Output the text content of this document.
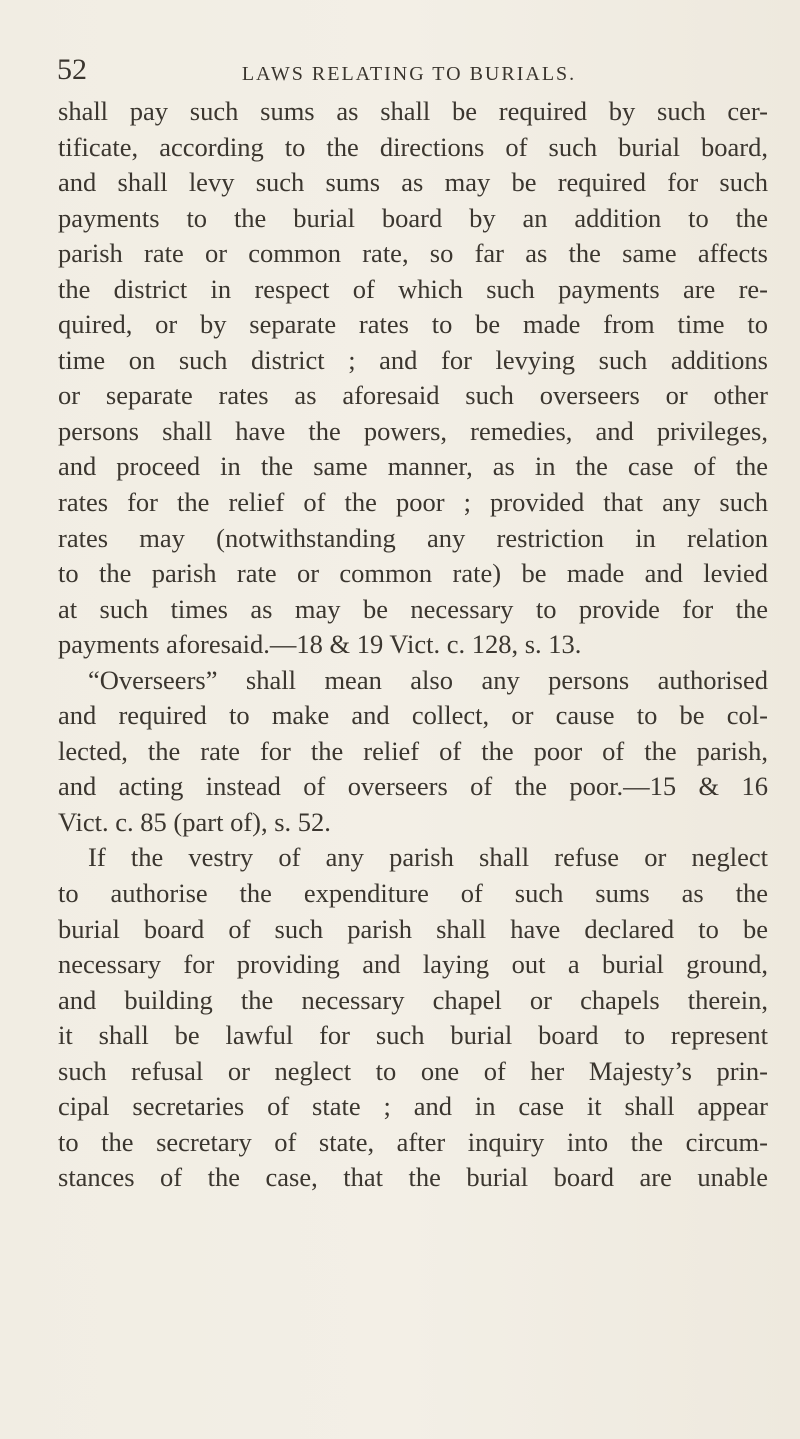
52	LAWS RELATING TO BURIALS.
shall pay such sums as shall be required by such cer-
tificate, according to the directions of such burial board,
and shall levy such sums as may be required for such
payments to the burial board by an addition to the
parish rate or common rate, so far as the same affects
the district in respect of which such payments are re-
quired, or by separate rates to be made from time to
time on such district ; and for levying such additions
or separate rates as aforesaid such overseers or other
persons shall have the powers, remedies, and privileges,
and proceed in the same manner, as in the case of the
rates for the relief of the poor ; provided that any such
rates may (notwithstanding any restriction in relation
to the parish rate or common rate) be made and levied
at such times as may be necessary to provide for the
payments aforesaid.—18 & 19 Vict. c. 128, s. 13.
“Overseers” shall mean also any persons authorised
and required to make and collect, or cause to be col-
lected, the rate for the relief of the poor of the parish,
and acting instead of overseers of the poor.—15 & 16
Vict. c. 85 (part of), s. 52.
If the vestry of any parish shall refuse or neglect
to authorise the expenditure of such sums as the
burial board of such parish shall have declared to be
necessary for providing and laying out a burial ground,
and building the necessary chapel or chapels therein,
it shall be lawful for such burial board to represent
such refusal or neglect to one of her Majesty’s prin-
cipal secretaries of state ; and in case it shall appear
to the secretary of state, after inquiry into the circum-
stances of the case, that the burial board are unable
